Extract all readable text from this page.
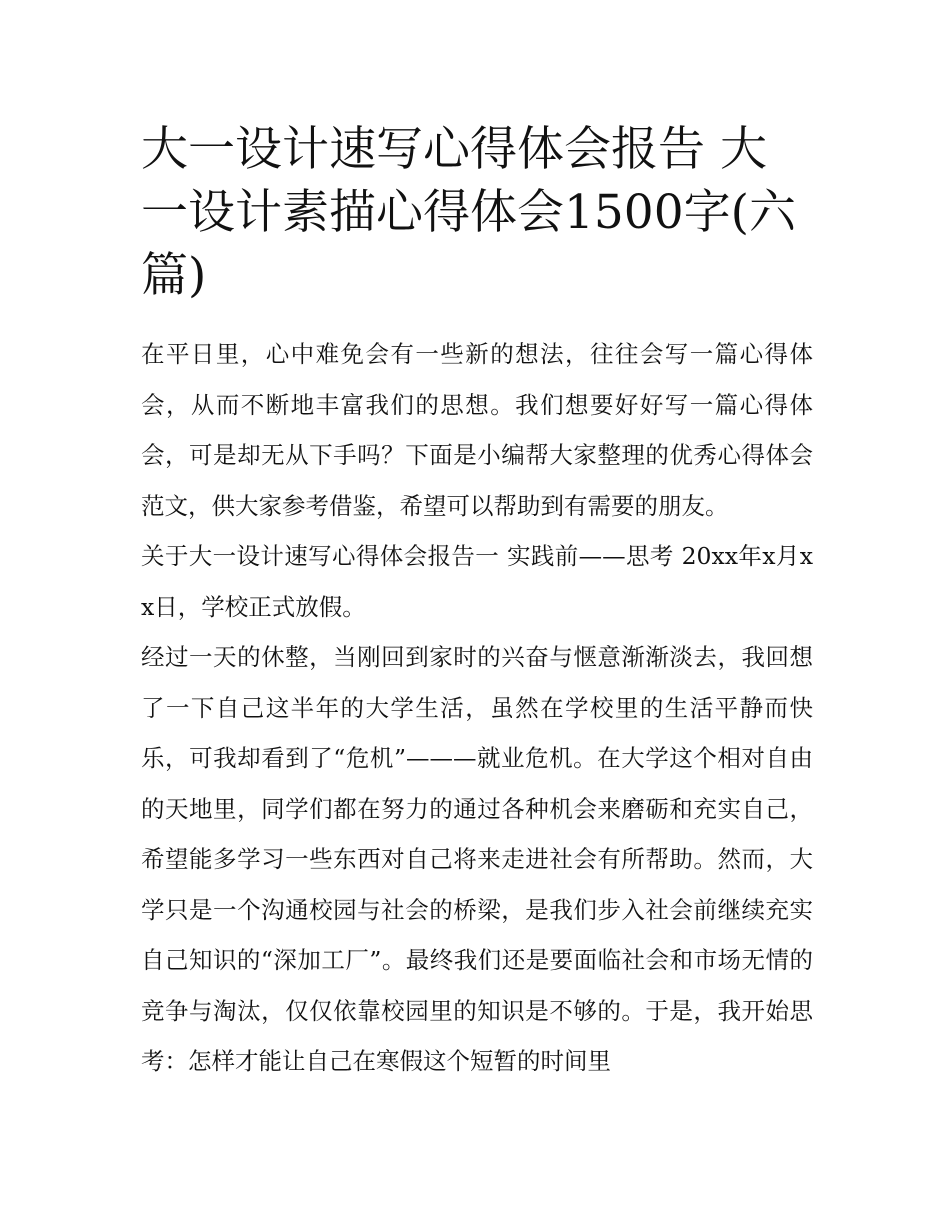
大一设计速写心得体会报告 大一设计素描心得体会1500字(六篇)

在平日里，心中难免会有一些新的想法，往往会写一篇心得体会，从而不断地丰富我们的思想。我们想要好好写一篇心得体会，可是却无从下手吗？下面是小编帮大家整理的优秀心得体会范文，供大家参考借鉴，希望可以帮助到有需要的朋友。

关于大一设计速写心得体会报告一 实践前——思考 20xx年x月xx日，学校正式放假。

经过一天的休整，当刚回到家时的兴奋与惬意渐渐淡去，我回想了一下自己这半年的大学生活，虽然在学校里的生活平静而快乐，可我却看到了“危机”———就业危机。在大学这个相对自由的天地里，同学们都在努力的通过各种机会来磨砺和充实自己，希望能多学习一些东西对自己将来走进社会有所帮助。然而，大学只是一个沟通校园与社会的桥梁，是我们步入社会前继续充实自己知识的“深加工厂”。最终我们还是要面临社会和市场无情的竞争与淘汰，仅仅依靠校园里的知识是不够的。于是，我开始思考：怎样才能让自己在寒假这个短暂的时间里
